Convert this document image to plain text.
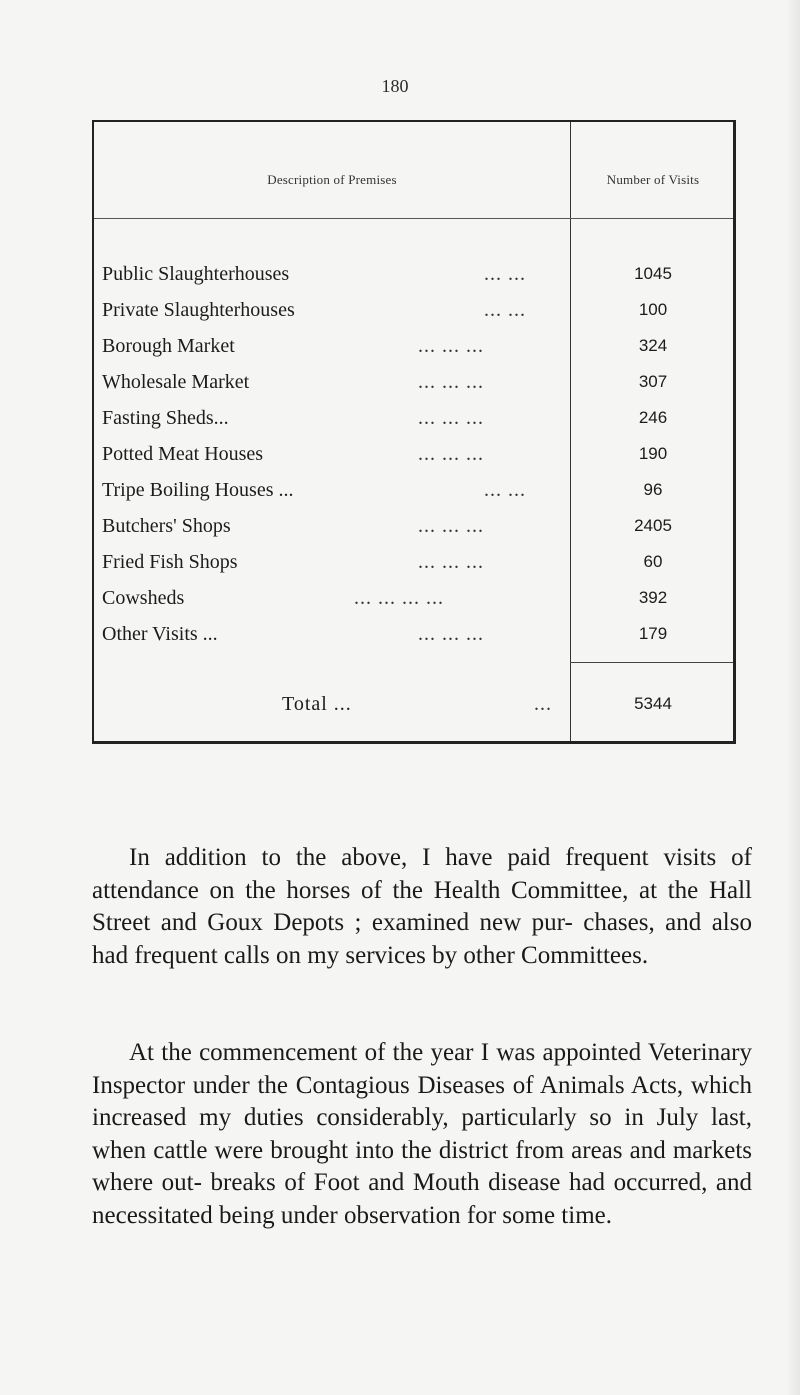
180
Description of Premises	Number of Visits
Public Slaughterhouses	... ...	1045
Private Slaughterhouses	... ...	100
Borough Market	... ... ...	324
Wholesale Market	... ... ...	307
Fasting Sheds...	... ... ...	246
Potted Meat Houses	... ... ...	190
Tripe Boiling Houses ...	... ...	96
Butchers' Shops	... ... ...	2405
Fried Fish Shops	... ... ...	60
Cowsheds	... ... ... ...	392
Other Visits ...	... ... ...	179
Total ...	...	5344

In addition to the above, I have paid frequent visits of attendance on the horses of the Health Committee, at the Hall Street and Goux Depots ; examined new pur- chases, and also had frequent calls on my services by other Committees.

At the commencement of the year I was appointed Veterinary Inspector under the Contagious Diseases of Animals Acts, which increased my duties considerably, particularly so in July last, when cattle were brought into the district from areas and markets where out- breaks of Foot and Mouth disease had occurred, and necessitated being under observation for some time.
